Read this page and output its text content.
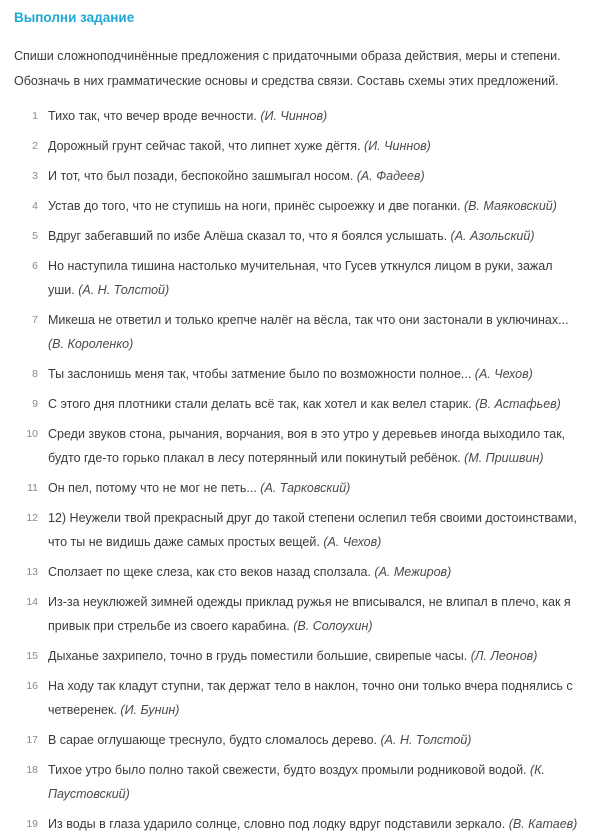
Выполни задание

Спиши сложноподчинённые предложения с придаточными образа действия, меры и степени.

Обозначь в них грамматические основы и средства связи. Составь схемы этих предложений.

1 Тихо так, что вечер вроде вечности. (И. Чиннов)
2 Дорожный грунт сейчас такой, что липнет хуже дёгтя. (И. Чиннов)
3 И тот, что был позади, беспокойно зашмыгал носом. (А. Фадеев)
4 Устав до того, что не ступишь на ноги, принёс сыроежку и две поганки. (В. Маяковский)
5 Вдруг забегавший по избе Алёша сказал то, что я боялся услышать. (А. Азольский)
6 Но наступила тишина настолько мучительная, что Гусев уткнулся лицом в руки, зажал уши. (А. Н. Толстой)
7 Микеша не ответил и только крепче налёг на вёсла, так что они застонали в уключинах... (В. Короленко)
8 Ты заслонишь меня так, чтобы затмение было по возможности полное... (А. Чехов)
9 С этого дня плотники стали делать всё так, как хотел и как велел старик. (В. Астафьев)
10 Среди звуков стона, рычания, ворчания, воя в это утро у деревьев иногда выходило так, будто где-то горько плакал в лесу потерянный или покинутый ребёнок. (М. Пришвин)
11 Он пел, потому что не мог не петь... (А. Тарковский)
12 12) Неужели твой прекрасный друг до такой степени ослепил тебя своими достоинствами, что ты не видишь даже самых простых вещей. (А. Чехов)
13 Сползает по щеке слеза, как сто веков назад сползала. (А. Межиров)
14 Из-за неуклюжей зимней одежды приклад ружья не вписывался, не влипал в плечо, как я привык при стрельбе из своего карабина. (В. Солоухин)
15 Дыханье захрипело, точно в грудь поместили большие, свирепые часы. (Л. Леонов)
16 На ходу так кладут ступни, так держат тело в наклон, точно они только вчера поднялись с четверенек. (И. Бунин)
17 В сарае оглушающе треснуло, будто сломалось дерево. (А. Н. Толстой)
18 Тихое утро было полно такой свежести, будто воздух промыли родниковой водой. (К. Паустовский)
19 Из воды в глаза ударило солнце, словно под лодку вдруг подставили зеркало. (В. Катаев)
